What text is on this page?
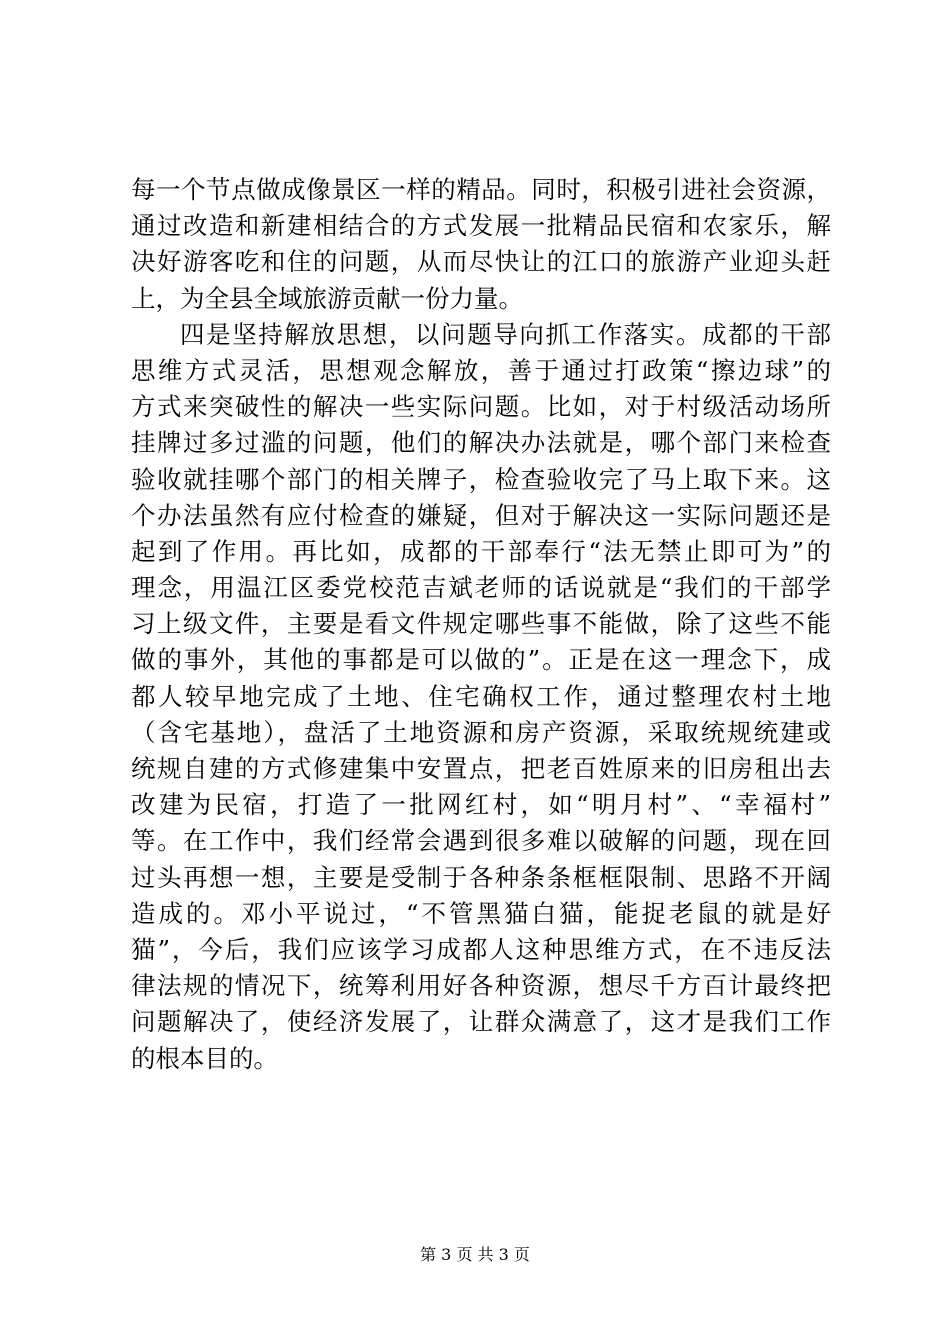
每一个节点做成像景区一样的精品。同时，积极引进社会资源，
通过改造和新建相结合的方式发展一批精品民宿和农家乐，解
决好游客吃和住的问题，从而尽快让的江口的旅游产业迎头赶
上，为全县全域旅游贡献一份力量。
四是坚持解放思想，以问题导向抓工作落实。成都的干部
思维方式灵活，思想观念解放，善于通过打政策“擦边球”的
方式来突破性的解决一些实际问题。比如，对于村级活动场所
挂牌过多过滥的问题，他们的解决办法就是，哪个部门来检查
验收就挂哪个部门的相关牌子，检查验收完了马上取下来。这
个办法虽然有应付检查的嫌疑，但对于解决这一实际问题还是
起到了作用。再比如，成都的干部奉行“法无禁止即可为”的
理念，用温江区委党校范吉斌老师的话说就是“我们的干部学
习上级文件，主要是看文件规定哪些事不能做，除了这些不能
做的事外，其他的事都是可以做的”。正是在这一理念下，成
都人较早地完成了土地、住宅确权工作，通过整理农村土地
（含宅基地），盘活了土地资源和房产资源，采取统规统建或
统规自建的方式修建集中安置点，把老百姓原来的旧房租出去
改建为民宿，打造了一批网红村，如“明月村”、“幸福村”
等。在工作中，我们经常会遇到很多难以破解的问题，现在回
过头再想一想，主要是受制于各种条条框框限制、思路不开阔
造成的。邓小平说过，“不管黑猫白猫，能捉老鼠的就是好
猫”，今后，我们应该学习成都人这种思维方式，在不违反法
律法规的情况下，统筹利用好各种资源，想尽千方百计最终把
问题解决了，使经济发展了，让群众满意了，这才是我们工作
的根本目的。
第 3 页 共 3 页
